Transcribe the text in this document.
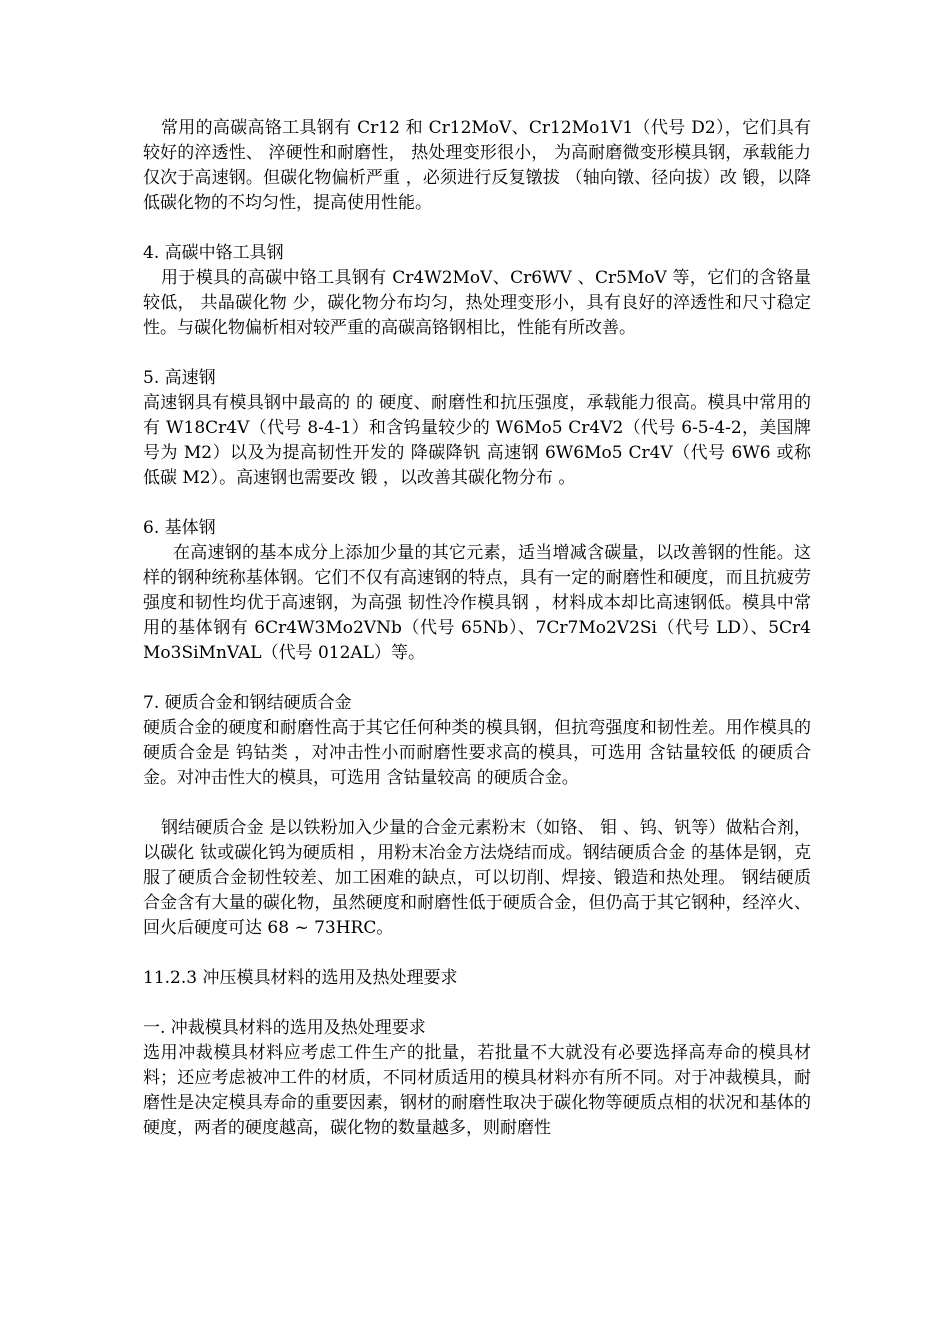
常用的高碳高铬工具钢有 Cr12 和 Cr12MoV、Cr12Mo1V1（代号 D2），它们具有较好的淬透性、 淬硬性和耐磨性， 热处理变形很小， 为高耐磨微变形模具钢，承载能力仅次于高速钢。但碳化物偏析严重 ，必须进行反复镦拔 （轴向镦、径向拔）改 锻，以降低碳化物的不均匀性，提高使用性能。

4. 高碳中铬工具钢

用于模具的高碳中铬工具钢有 Cr4W2MoV、Cr6WV 、Cr5MoV 等，它们的含铬量较低， 共晶碳化物 少，碳化物分布均匀，热处理变形小，具有良好的淬透性和尺寸稳定性。与碳化物偏析相对较严重的高碳高铬钢相比，性能有所改善。

5. 高速钢

高速钢具有模具钢中最高的 的 硬度、耐磨性和抗压强度，承载能力很高。模具中常用的有 W18Cr4V（代号 8-4-1）和含钨量较少的 W6Mo5 Cr4V2（代号 6-5-4-2，美国牌号为 M2）以及为提高韧性开发的 降碳降钒 高速钢 6W6Mo5 Cr4V（代号 6W6 或称低碳 M2）。高速钢也需要改 锻 ，以改善其碳化物分布 。

6. 基体钢

在高速钢的基本成分上添加少量的其它元素，适当增减含碳量，以改善钢的性能。这样的钢种统称基体钢。它们不仅有高速钢的特点，具有一定的耐磨性和硬度，而且抗疲劳强度和韧性均优于高速钢，为高强 韧性冷作模具钢 ，材料成本却比高速钢低。模具中常用的基体钢有 6Cr4W3Mo2VNb（代号 65Nb）、7Cr7Mo2V2Si（代号 LD）、5Cr4Mo3SiMnVAL（代号 012AL）等。

7. 硬质合金和钢结硬质合金

硬质合金的硬度和耐磨性高于其它任何种类的模具钢，但抗弯强度和韧性差。用作模具的硬质合金是 钨钴类 ，对冲击性小而耐磨性要求高的模具，可选用 含钴量较低 的硬质合金。对冲击性大的模具，可选用 含钴量较高 的硬质合金。

钢结硬质合金 是以铁粉加入少量的合金元素粉末（如铬、 钼 、钨、钒等）做粘合剂，以碳化 钛或碳化钨为硬质相 ，用粉末冶金方法烧结而成。钢结硬质合金 的基体是钢，克服了硬质合金韧性较差、加工困难的缺点，可以切削、焊接、锻造和热处理。 钢结硬质合金含有大量的碳化物，虽然硬度和耐磨性低于硬质合金，但仍高于其它钢种，经淬火、回火后硬度可达 68 ~ 73HRC。

11.2.3 冲压模具材料的选用及热处理要求

一. 冲裁模具材料的选用及热处理要求

选用冲裁模具材料应考虑工件生产的批量，若批量不大就没有必要选择高寿命的模具材料；还应考虑被冲工件的材质，不同材质适用的模具材料亦有所不同。对于冲裁模具，耐磨性是决定模具寿命的重要因素，钢材的耐磨性取决于碳化物等硬质点相的状况和基体的硬度，两者的硬度越高，碳化物的数量越多，则耐磨性
